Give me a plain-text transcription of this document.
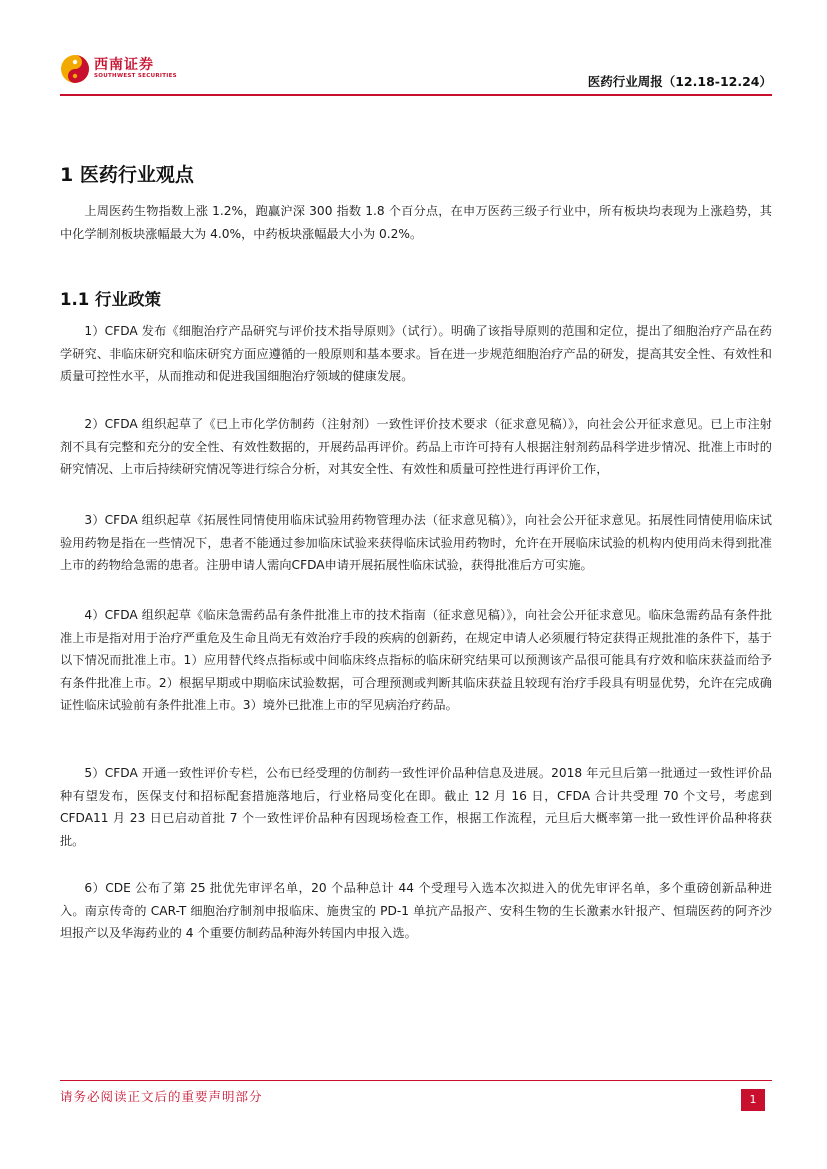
西南证券
SOUTHWEST SECURITIES	医药行业周报（12.18-12.24）
1 医药行业观点

上周医药生物指数上涨 1.2%，跑赢沪深 300 指数 1.8 个百分点，在申万医药三级子行业中，所有板块均表现为上涨趋势，其中化学制剂板块涨幅最大为 4.0%，中药板块涨幅最大小为 0.2%。

1.1 行业政策

1）CFDA 发布《细胞治疗产品研究与评价技术指导原则》（试行）。明确了该指导原则的范围和定位，提出了细胞治疗产品在药学研究、非临床研究和临床研究方面应遵循的一般原则和基本要求。旨在进一步规范细胞治疗产品的研发，提高其安全性、有效性和质量可控性水平，从而推动和促进我国细胞治疗领域的健康发展。

2）CFDA 组织起草了《已上市化学仿制药（注射剂）一致性评价技术要求（征求意见稿）》，向社会公开征求意见。已上市注射剂不具有完整和充分的安全性、有效性数据的，开展药品再评价。药品上市许可持有人根据注射剂药品科学进步情况、批准上市时的研究情况、上市后持续研究情况等进行综合分析，对其安全性、有效性和质量可控性进行再评价工作，

3）CFDA 组织起草《拓展性同情使用临床试验用药物管理办法（征求意见稿）》，向社会公开征求意见。拓展性同情使用临床试验用药物是指在一些情况下，患者不能通过参加临床试验来获得临床试验用药物时，允许在开展临床试验的机构内使用尚未得到批准上市的药物给急需的患者。注册申请人需向CFDA申请开展拓展性临床试验，获得批准后方可实施。

4）CFDA 组织起草《临床急需药品有条件批准上市的技术指南（征求意见稿）》，向社会公开征求意见。临床急需药品有条件批准上市是指对用于治疗严重危及生命且尚无有效治疗手段的疾病的创新药，在规定申请人必须履行特定获得正规批准的条件下，基于以下情况而批准上市。1）应用替代终点指标或中间临床终点指标的临床研究结果可以预测该产品很可能具有疗效和临床获益而给予有条件批准上市。2）根据早期或中期临床试验数据，可合理预测或判断其临床获益且较现有治疗手段具有明显优势，允许在完成确证性临床试验前有条件批准上市。3）境外已批准上市的罕见病治疗药品。

5）CFDA 开通一致性评价专栏，公布已经受理的仿制药一致性评价品种信息及进展。2018 年元旦后第一批通过一致性评价品种有望发布，医保支付和招标配套措施落地后，行业格局变化在即。截止 12 月 16 日，CFDA 合计共受理 70 个文号，考虑到 CFDA11 月 23 日已启动首批 7 个一致性评价品种有因现场检查工作，根据工作流程，元旦后大概率第一批一致性评价品种将获批。

6）CDE 公布了第 25 批优先审评名单，20 个品种总计 44 个受理号入选本次拟进入的优先审评名单，多个重磅创新品种进入。南京传奇的 CAR-T 细胞治疗制剂申报临床、施贵宝的 PD-1 单抗产品报产、安科生物的生长激素水针报产、恒瑞医药的阿齐沙坦报产以及华海药业的 4 个重要仿制药品种海外转国内申报入选。

请务必阅读正文后的重要声明部分	1
